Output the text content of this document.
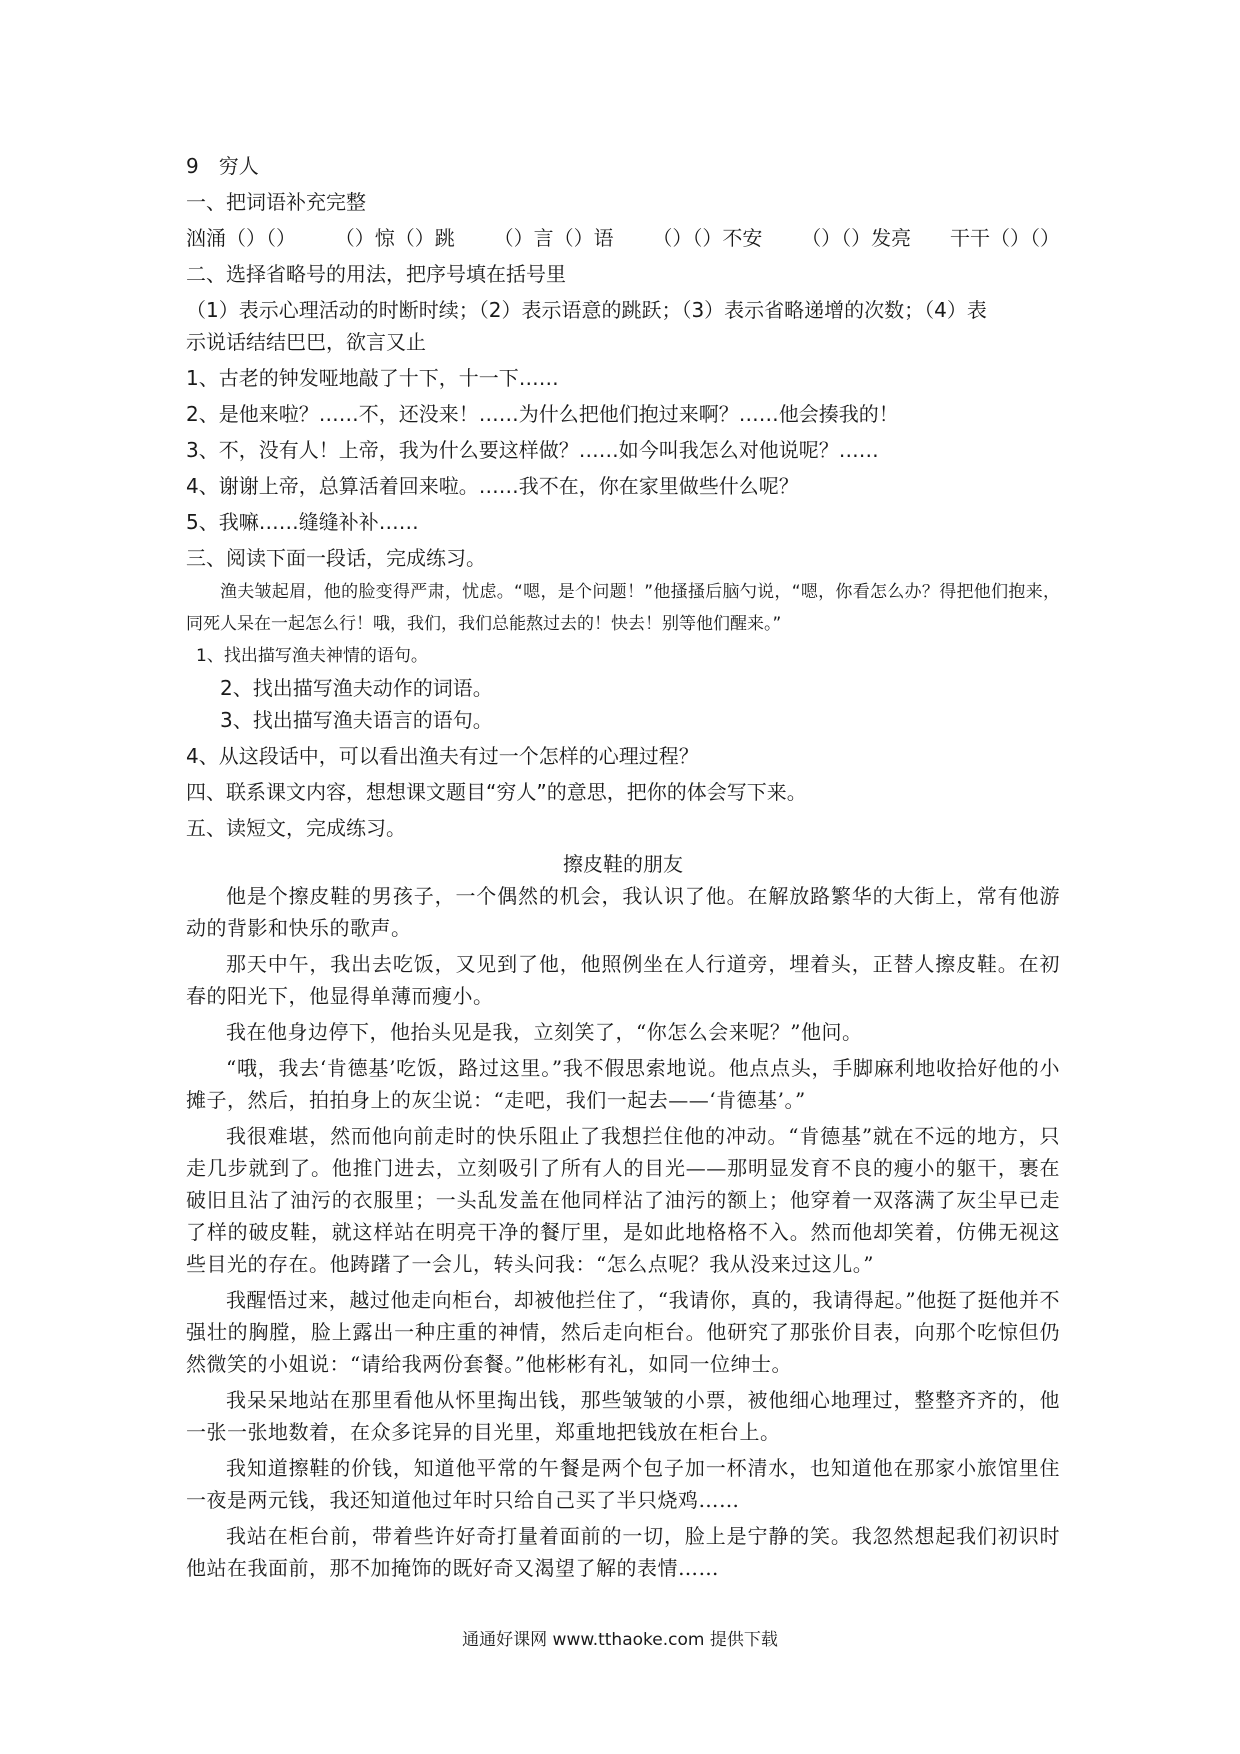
9　穷人
一、把词语补充完整
汹涌（）（） （）惊（）跳 （）言（）语 （）（）不安 （）（）发亮 干干（）（）
二、选择省略号的用法，把序号填在括号里
（1）表示心理活动的时断时续；（2）表示语意的跳跃；（3）表示省略递增的次数；（4）表
示说话结结巴巴，欲言又止
1、古老的钟发哑地敲了十下，十一下……
2、是他来啦？……不，还没来！……为什么把他们抱过来啊？……他会揍我的！
3、不，没有人！上帝，我为什么要这样做？……如今叫我怎么对他说呢？……
4、谢谢上帝，总算活着回来啦。……我不在，你在家里做些什么呢？
5、我嘛……缝缝补补……
三、阅读下面一段话，完成练习。

渔夫皱起眉，他的脸变得严肃，忧虑。“嗯，是个问题！”他搔搔后脑勺说，“嗯，你看怎么办？得把他们抱来，同死人呆在一起怎么行！哦，我们，我们总能熬过去的！快去！别等他们醒来。”

1、找出描写渔夫神情的语句。
2、找出描写渔夫动作的词语。
3、找出描写渔夫语言的语句。
4、从这段话中，可以看出渔夫有过一个怎样的心理过程？
四、联系课文内容，想想课文题目“穷人”的意思，把你的体会写下来。
五、读短文，完成练习。
擦皮鞋的朋友

他是个擦皮鞋的男孩子，一个偶然的机会，我认识了他。在解放路繁华的大街上，常有他游动的背影和快乐的歌声。

那天中午，我出去吃饭，又见到了他，他照例坐在人行道旁，埋着头，正替人擦皮鞋。在初春的阳光下，他显得单薄而瘦小。

我在他身边停下，他抬头见是我，立刻笑了，“你怎么会来呢？”他问。

“哦，我去‘肯德基’吃饭，路过这里。”我不假思索地说。他点点头，手脚麻利地收拾好他的小摊子，然后，拍拍身上的灰尘说：“走吧，我们一起去——‘肯德基’。”

我很难堪，然而他向前走时的快乐阻止了我想拦住他的冲动。“肯德基”就在不远的地方，只走几步就到了。他推门进去，立刻吸引了所有人的目光——那明显发育不良的瘦小的躯干，裹在破旧且沾了油污的衣服里；一头乱发盖在他同样沾了油污的额上；他穿着一双落满了灰尘早已走了样的破皮鞋，就这样站在明亮干净的餐厅里，是如此地格格不入。然而他却笑着，仿佛无视这些目光的存在。他踌躇了一会儿，转头问我：“怎么点呢？我从没来过这儿。”

我醒悟过来，越过他走向柜台，却被他拦住了，“我请你，真的，我请得起。”他挺了挺他并不强壮的胸膛，脸上露出一种庄重的神情，然后走向柜台。他研究了那张价目表，向那个吃惊但仍然微笑的小姐说：“请给我两份套餐。”他彬彬有礼，如同一位绅士。

我呆呆地站在那里看他从怀里掏出钱，那些皱皱的小票，被他细心地理过，整整齐齐的，他一张一张地数着，在众多诧异的目光里，郑重地把钱放在柜台上。

我知道擦鞋的价钱，知道他平常的午餐是两个包子加一杯清水，也知道他在那家小旅馆里住一夜是两元钱，我还知道他过年时只给自己买了半只烧鸡……

我站在柜台前，带着些许好奇打量着面前的一切，脸上是宁静的笑。我忽然想起我们初识时他站在我面前，那不加掩饰的既好奇又渴望了解的表情……

通通好课网 www.tthaoke.com 提供下载
